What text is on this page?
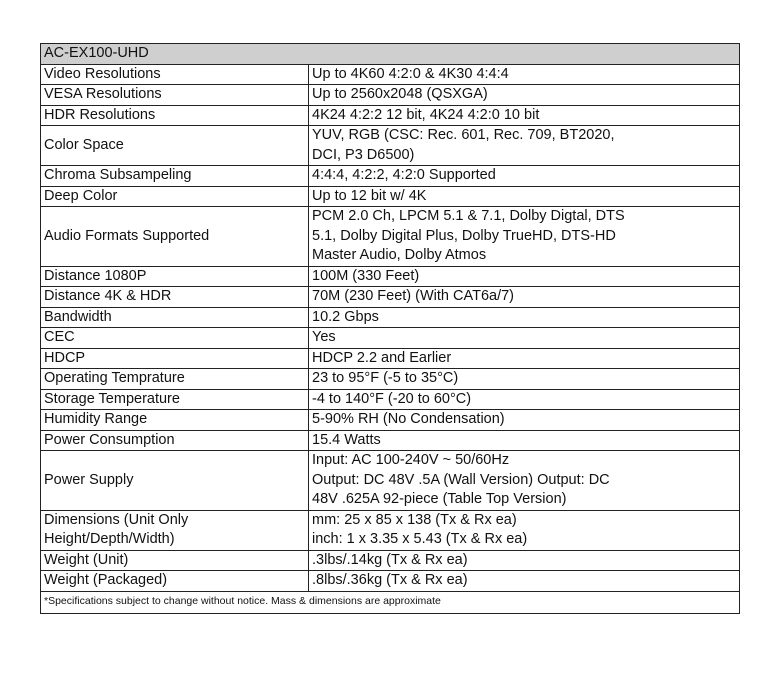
AC-EX100-UHD	

Video Resolutions	Up to 4K60 4:2:0 & 4K30 4:4:4

VESA Resolutions	Up to 2560x2048 (QSXGA)

HDR Resolutions	4K24 4:2:2 12 bit, 4K24 4:2:0 10 bit

Color Space	YUV, RGB (CSC: Rec. 601, Rec. 709, BT2020,
DCI, P3 D6500)

Chroma Subsampeling	4:4:4, 4:2:2, 4:2:0 Supported

Deep Color	Up to 12 bit w/ 4K

Audio Formats Supported	PCM 2.0 Ch, LPCM 5.1 & 7.1, Dolby Digtal, DTS
5.1, Dolby Digital Plus, Dolby TrueHD, DTS-HD
Master Audio, Dolby Atmos

Distance 1080P	100M (330 Feet)

Distance 4K & HDR	70M (230 Feet) (With CAT6a/7)

Bandwidth	10.2 Gbps

CEC	Yes

HDCP	HDCP 2.2 and Earlier

Operating Temprature	23 to 95°F (-5 to 35°C)

Storage Temperature	-4 to 140°F (-20 to 60°C)

Humidity Range	5-90% RH (No Condensation)

Power Consumption	15.4 Watts

Power Supply	Input: AC 100-240V ~ 50/60Hz
Output: DC 48V .5A (Wall Version) Output: DC
48V .625A 92-piece (Table Top Version)

Dimensions (Unit Only
Height/Depth/Width)	mm: 25 x 85 x 138 (Tx & Rx ea)
inch: 1 x 3.35 x 5.43 (Tx & Rx ea)

Weight (Unit)	.3lbs/.14kg (Tx & Rx ea)

Weight (Packaged)	.8lbs/.36kg (Tx & Rx ea)

*Specifications subject to change without notice. Mass & dimensions are approximate	
